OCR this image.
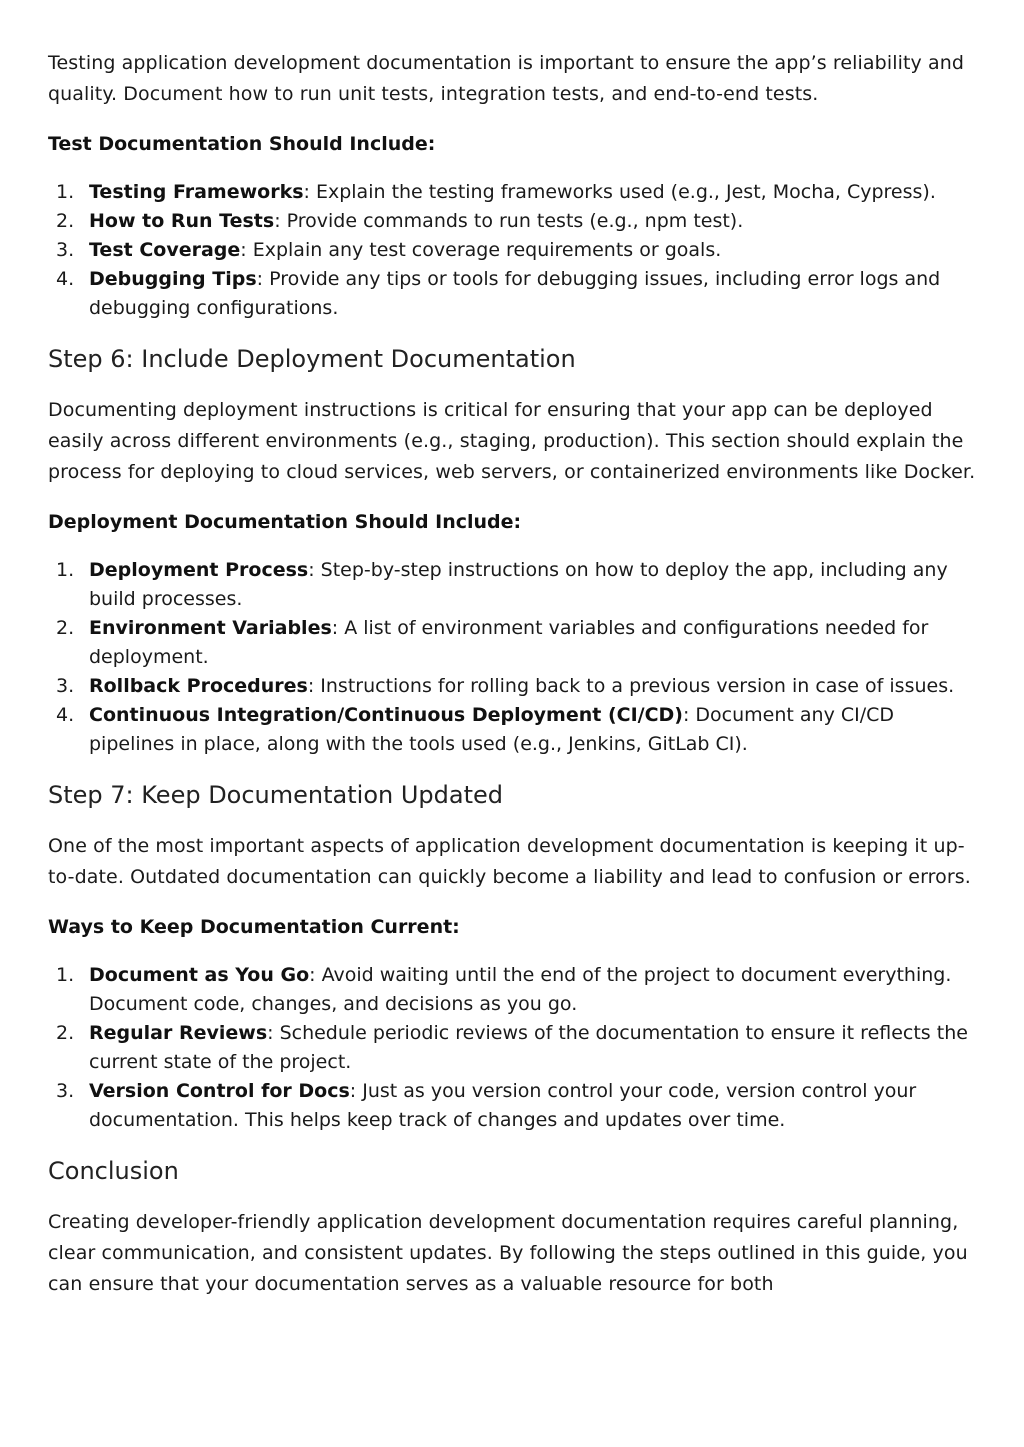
Testing application development documentation is important to ensure the app’s reliability and quality. Document how to run unit tests, integration tests, and end-to-end tests.

Test Documentation Should Include:

1. Testing Frameworks: Explain the testing frameworks used (e.g., Jest, Mocha, Cypress).
2. How to Run Tests: Provide commands to run tests (e.g., npm test).
3. Test Coverage: Explain any test coverage requirements or goals.
4. Debugging Tips: Provide any tips or tools for debugging issues, including error logs and debugging configurations.
Step 6: Include Deployment Documentation

Documenting deployment instructions is critical for ensuring that your app can be deployed easily across different environments (e.g., staging, production). This section should explain the process for deploying to cloud services, web servers, or containerized environments like Docker.

Deployment Documentation Should Include:

1. Deployment Process: Step-by-step instructions on how to deploy the app, including any build processes.
2. Environment Variables: A list of environment variables and configurations needed for deployment.
3. Rollback Procedures: Instructions for rolling back to a previous version in case of issues.
4. Continuous Integration/Continuous Deployment (CI/CD): Document any CI/CD pipelines in place, along with the tools used (e.g., Jenkins, GitLab CI).
Step 7: Keep Documentation Updated

One of the most important aspects of application development documentation is keeping it up-to-date. Outdated documentation can quickly become a liability and lead to confusion or errors.

Ways to Keep Documentation Current:

1. Document as You Go: Avoid waiting until the end of the project to document everything. Document code, changes, and decisions as you go.
2. Regular Reviews: Schedule periodic reviews of the documentation to ensure it reflects the current state of the project.
3. Version Control for Docs: Just as you version control your code, version control your documentation. This helps keep track of changes and updates over time.
Conclusion

Creating developer-friendly application development documentation requires careful planning, clear communication, and consistent updates. By following the steps outlined in this guide, you can ensure that your documentation serves as a valuable resource for both
